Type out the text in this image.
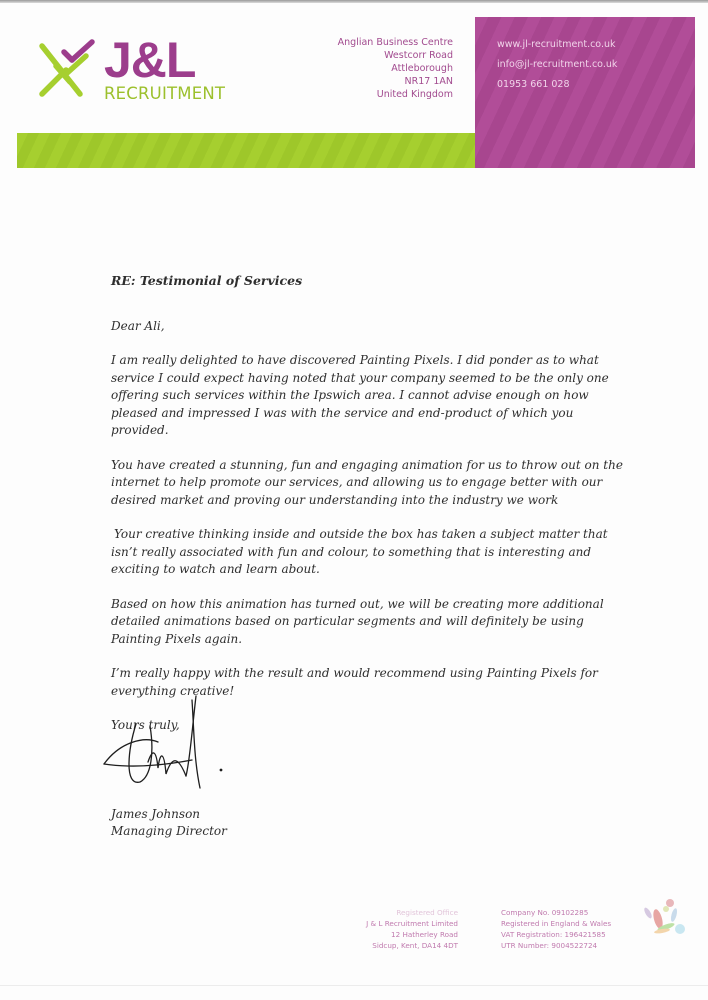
J&L
RECRUITMENT
Anglian Business Centre
Westcorr Road
Attleborough
NR17 1AN
United Kingdom
www.jl-recruitment.co.uk
info@jl-recruitment.co.uk
01953 661 028
RE: Testimonial of Services

Dear Ali,

I am really delighted to have discovered Painting Pixels. I did ponder as to what service I could expect having noted that your company seemed to be the only one offering such services within the Ipswich area. I cannot advise enough on how pleased and impressed I was with the service and end-product of which you provided.

You have created a stunning, fun and engaging animation for us to throw out on the internet to help promote our services, and allowing us to engage better with our desired market and proving our understanding into the industry we work

Your creative thinking inside and outside the box has taken a subject matter that isn’t really associated with fun and colour, to something that is interesting and exciting to watch and learn about.

Based on how this animation has turned out, we will be creating more additional detailed animations based on particular segments and will definitely be using Painting Pixels again.

I’m really happy with the result and would recommend using Painting Pixels for everything creative!

Yours truly,

James Johnson
Managing Director
Registered Office
J & L Recruitment Limited
12 Hatherley Road
Sidcup, Kent, DA14 4DT
Company No. 09102285
Registered in England & Wales
VAT Registration: 196421585
UTR Number: 9004522724
